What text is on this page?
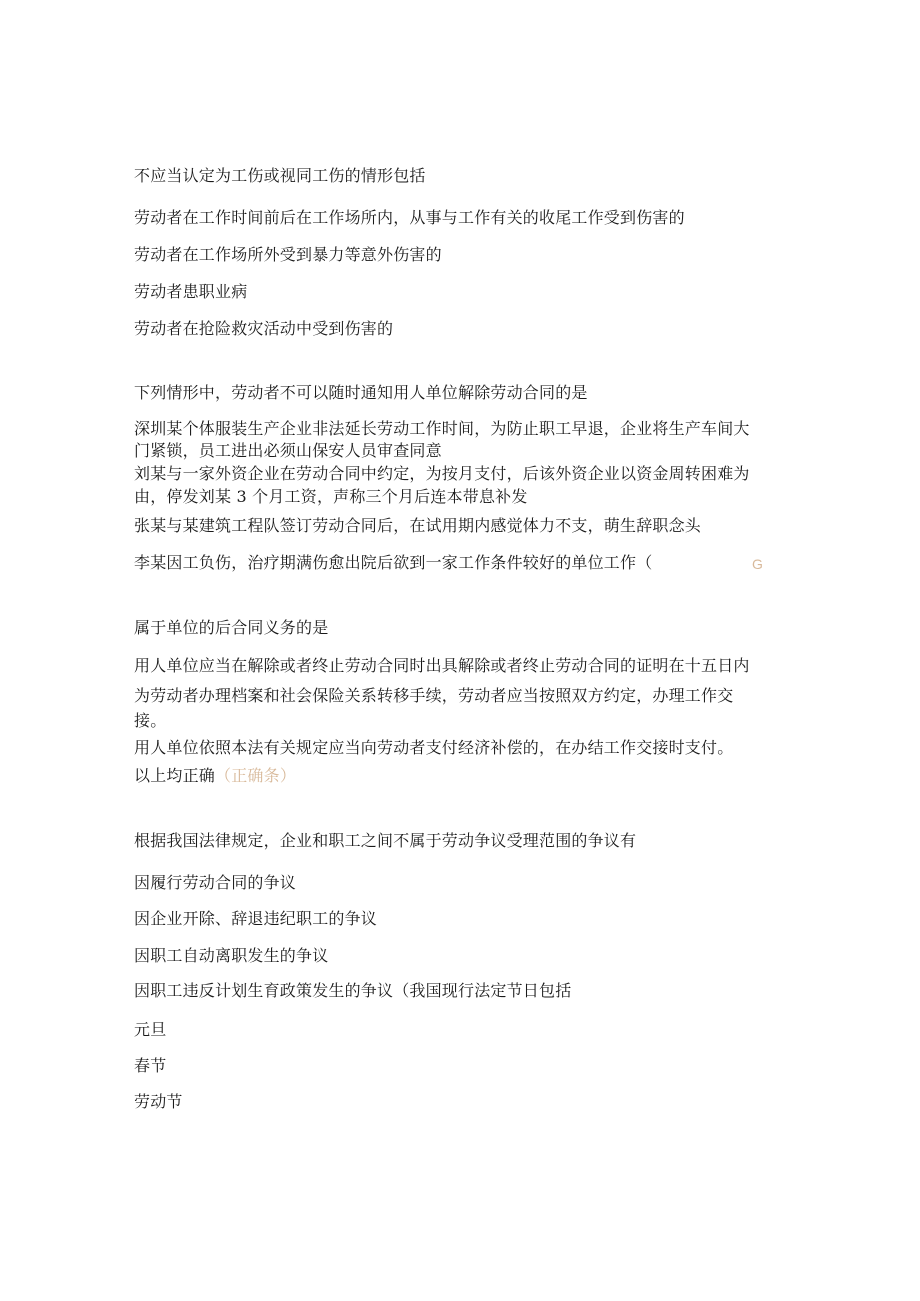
不应当认定为工伤或视同工伤的情形包括
劳动者在工作时间前后在工作场所内，从事与工作有关的收尾工作受到伤害的
劳动者在工作场所外受到暴力等意外伤害的
劳动者患职业病
劳动者在抢险救灾活动中受到伤害的
下列情形中，劳动者不可以随时通知用人单位解除劳动合同的是
深圳某个体服装生产企业非法延长劳动工作时间，为防止职工早退，企业将生产车间大
门紧锁，员工进出必须山保安人员审查同意
刘某与一家外资企业在劳动合同中约定，为按月支付，后该外资企业以资金周转困难为
由，停发刘某 3 个月工资，声称三个月后连本带息补发
张某与某建筑工程队签订劳动合同后，在试用期内感觉体力不支，萌生辞职念头
李某因工负伤，治疗期满伤愈出院后欲到一家工作条件较好的单位工作（	G
属于单位的后合同义务的是
用人单位应当在解除或者终止劳动合同时出具解除或者终止劳动合同的证明在十五日内
为劳动者办理档案和社会保险关系转移手续，劳动者应当按照双方约定，办理工作交
接。
用人单位依照本法有关规定应当向劳动者支付经济补偿的，在办结工作交接时支付。
以上均正确（正确条）
根据我国法律规定，企业和职工之间不属于劳动争议受理范围的争议有
因履行劳动合同的争议
因企业开除、辞退违纪职工的争议
因职工自动离职发生的争议
因职工违反计划生育政策发生的争议（我国现行法定节日包括
元旦
春节
劳动节
